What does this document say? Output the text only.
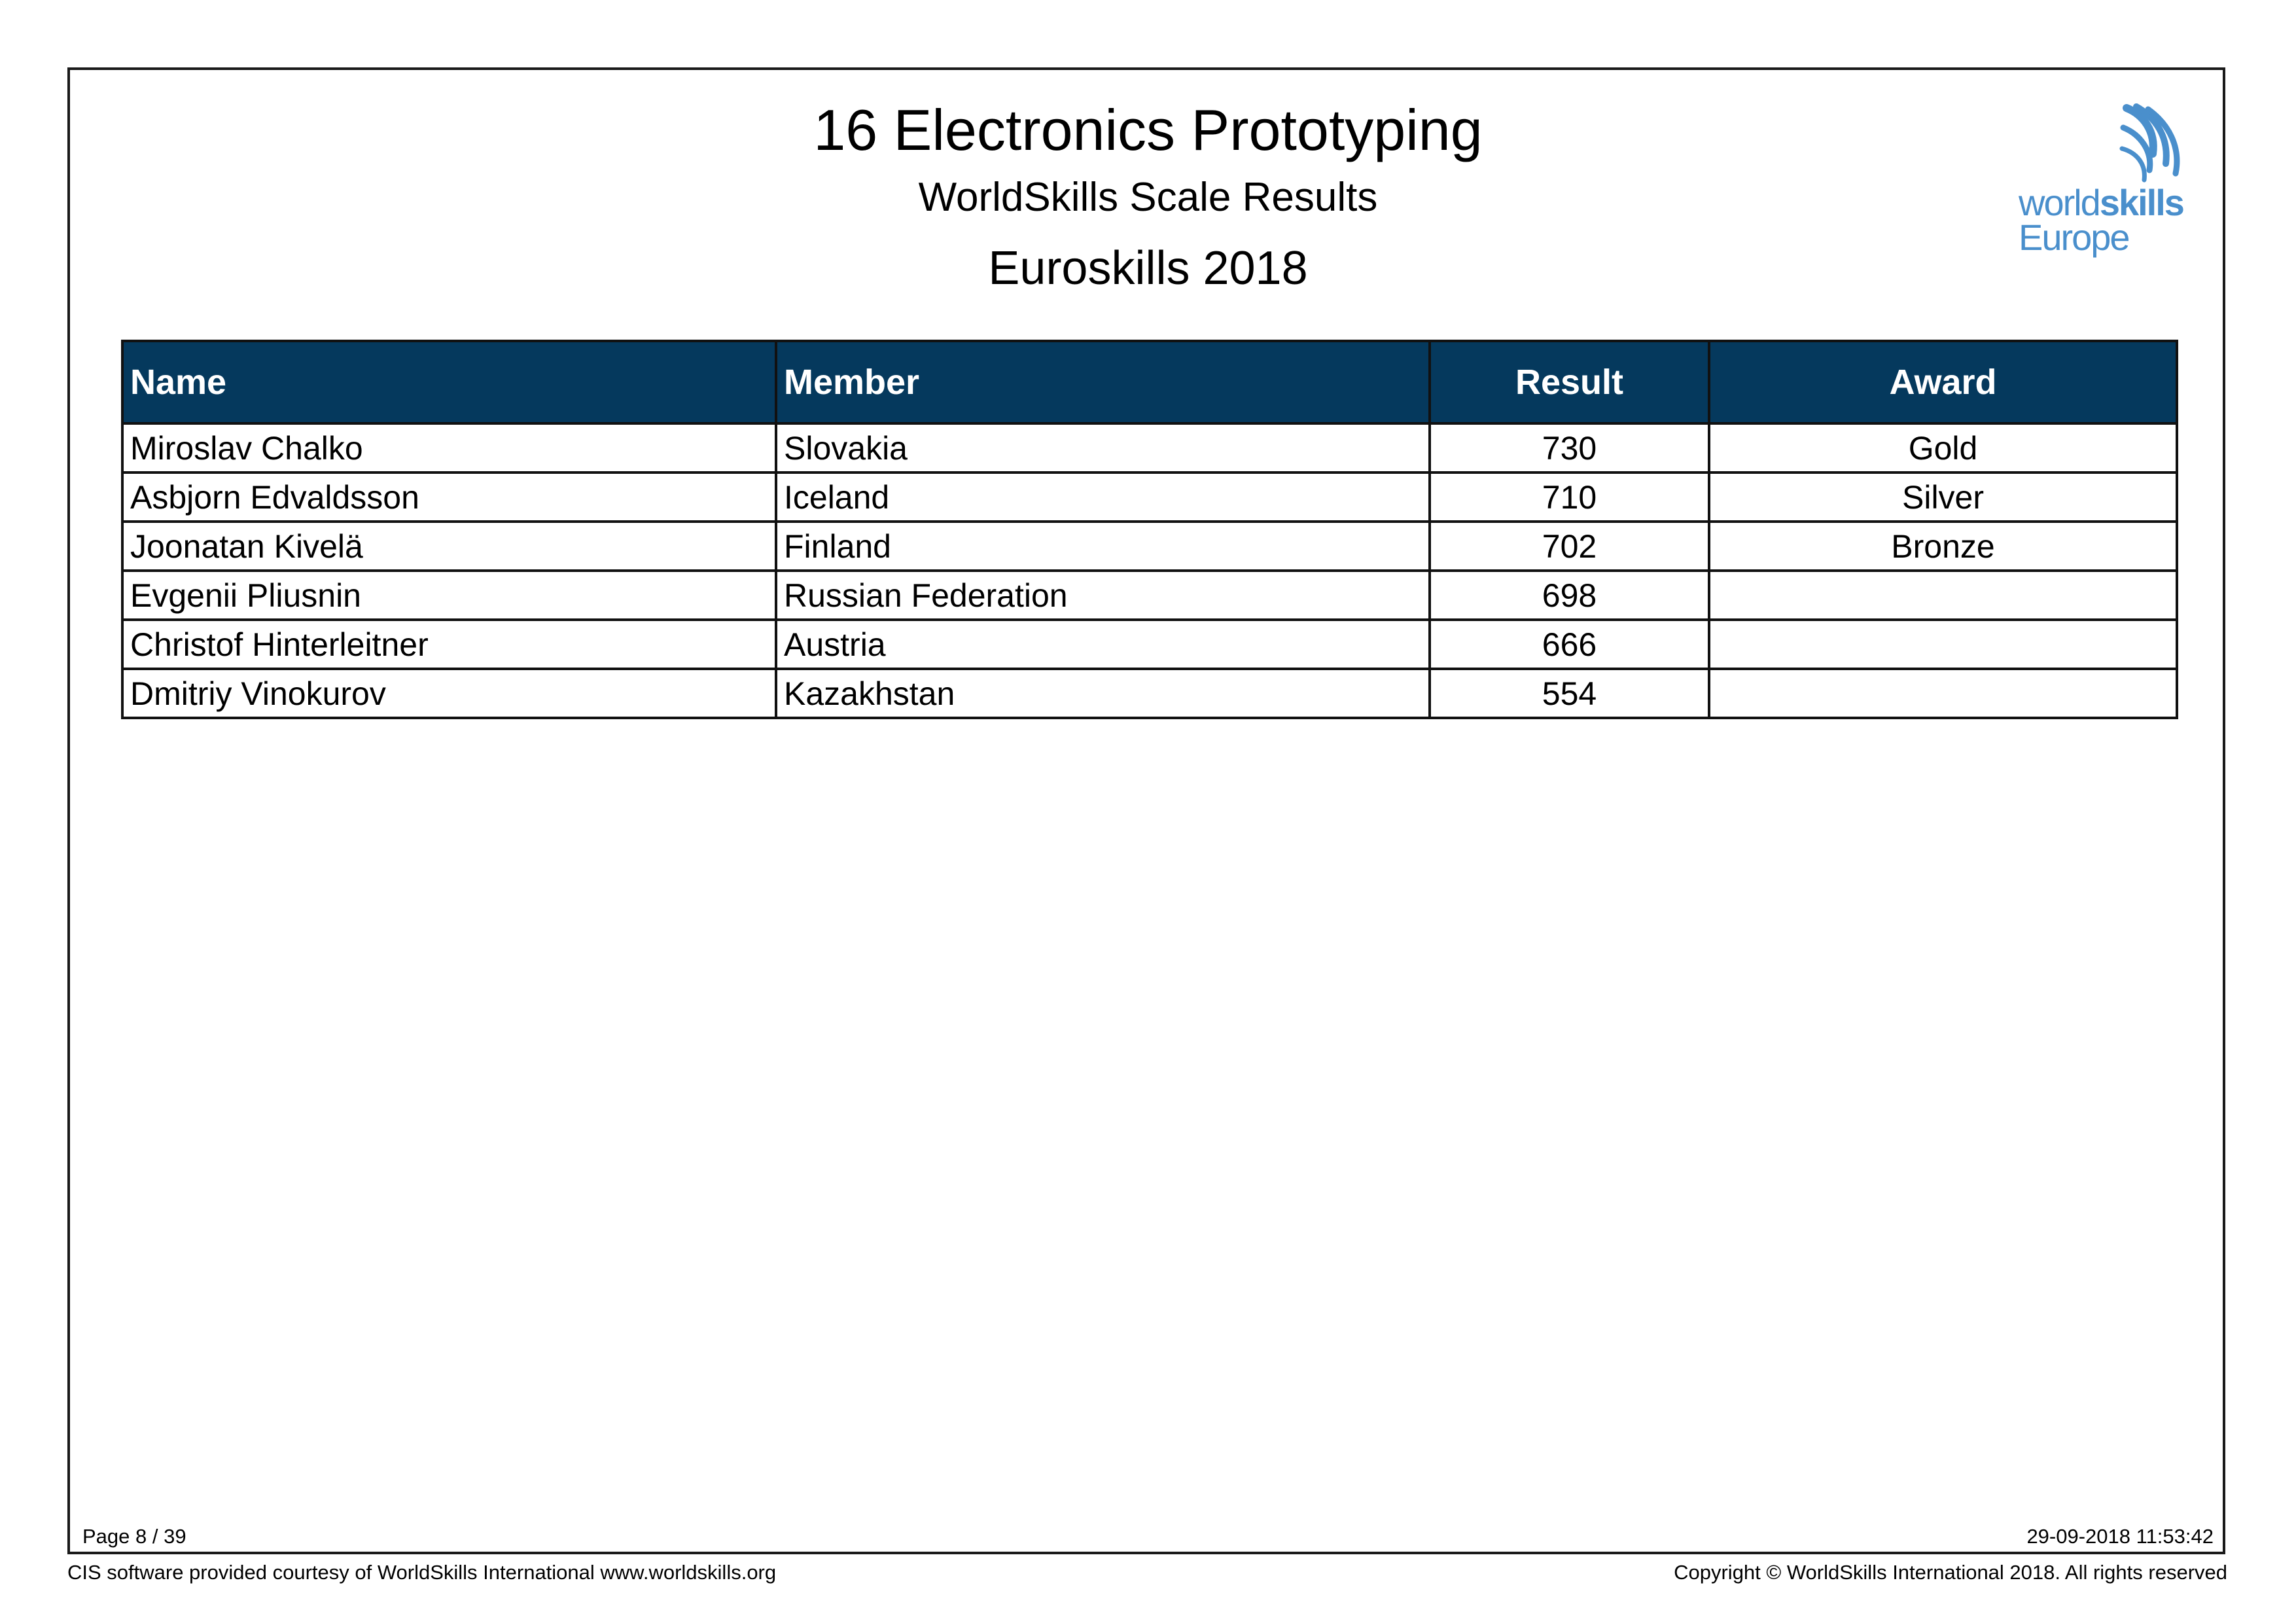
16 Electronics Prototyping
WorldSkills Scale Results
Euroskills 2018
worldskills
Europe
Name	Member	Result	Award
Miroslav Chalko	Slovakia	730	Gold
Asbjorn Edvaldsson	Iceland	710	Silver
Joonatan Kivelä	Finland	702	Bronze
Evgenii Pliusnin	Russian Federation	698	
Christof Hinterleitner	Austria	666	
Dmitriy Vinokurov	Kazakhstan	554	
Page 8 / 39	29-09-2018 11:53:42
CIS software provided courtesy of WorldSkills International www.worldskills.org	Copyright © WorldSkills International 2018. All rights reserved
